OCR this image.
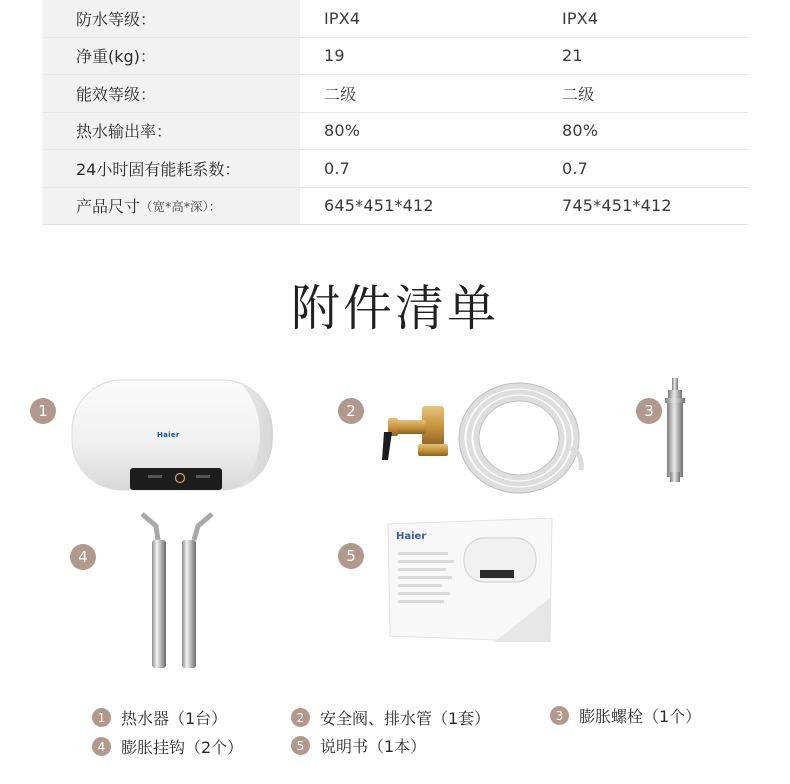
防水等级：	IPX4	IPX4
净重(kg)：	19	21
能效等级：	二级	二级
热水输出率：	80%	80%
24小时固有能耗系数：	0.7	0.7
产品尺寸 （宽*高*深）：	645*451*412	745*451*412
附件清单
1	2	3
4	5
Haier
Haier
1 热水器（1台）	2 安全阀、排水管（1套）	3 膨胀螺栓（1个）
4 膨胀挂钩（2个）	5 说明书（1本）
